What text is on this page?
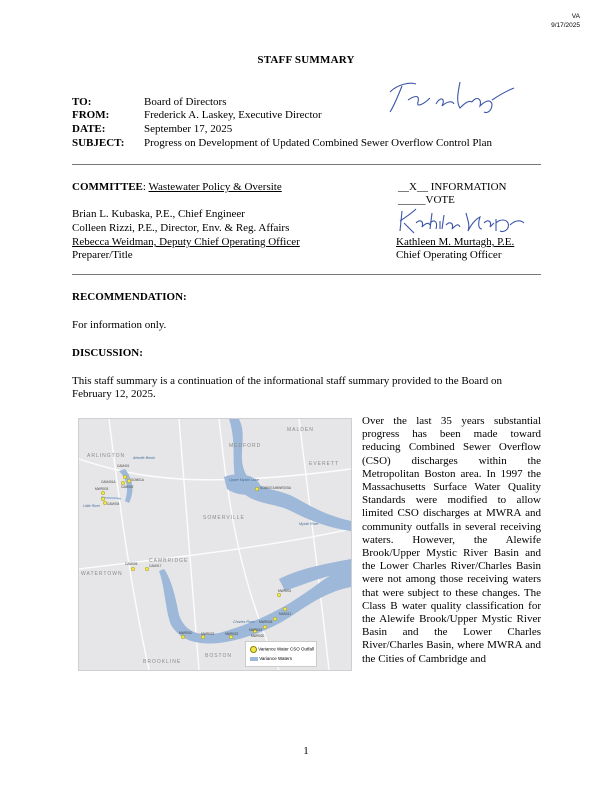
VA
9/17/2025
STAFF SUMMARY
TO:	Board of Directors
FROM:	Frederick A. Laskey, Executive Director
DATE:	September 17, 2025
SUBJECT: Progress on Development of Updated Combined Sewer Overflow Control Plan
COMMITTEE: Wastewater Policy & Oversite	__X__ INFORMATION
_____VOTE
Brian L. Kubaska, P.E., Chief Engineer
Colleen Rizzi, P.E., Director, Env. & Reg. Affairs
Rebecca Weidman, Deputy Chief Operating Officer
Preparer/Title
Kathleen M. Murtagh, P.E.
Chief Operating Officer
RECOMMENDATION:
For information only.
DISCUSSION:
This staff summary is a continuation of the informational staff summary provided to the Board on February 12, 2025.
MALDEN
MEDFORD
EVERETT
ARLINGTON
SOMERVILLE
CAMBRIDGE
WATERTOWN
BOSTON
BROOKLINE
Alewife Brook
Upper Mystic Lake
Mystic River
Little River
Charles River
CAM401
CAM401A	SOM01A
MWR003	CAM002
CAM004
SOM007A/MWR205A
CAM005	CAM017
MWR201
MWR018
MWR019
MWR020
MWR022
MWR023
MWR010
MAS011
Variance Water CSO Outfall
Variance Waters
Over the last 35 years substantial progress has been made toward reducing Combined Sewer Overflow (CSO) discharges within the Metropolitan Boston area. In 1997 the Massachusetts Surface Water Quality Standards were modified to allow limited CSO discharges at MWRA and community outfalls in several receiving waters. However, the Alewife Brook/Upper Mystic River Basin and the Lower Charles River/Charles Basin were not among those receiving waters that were subject to these changes. The Class B water quality classification for the Alewife Brook/Upper Mystic River Basin and the Lower Charles River/Charles Basin, where MWRA and the Cities of Cambridge and
1
